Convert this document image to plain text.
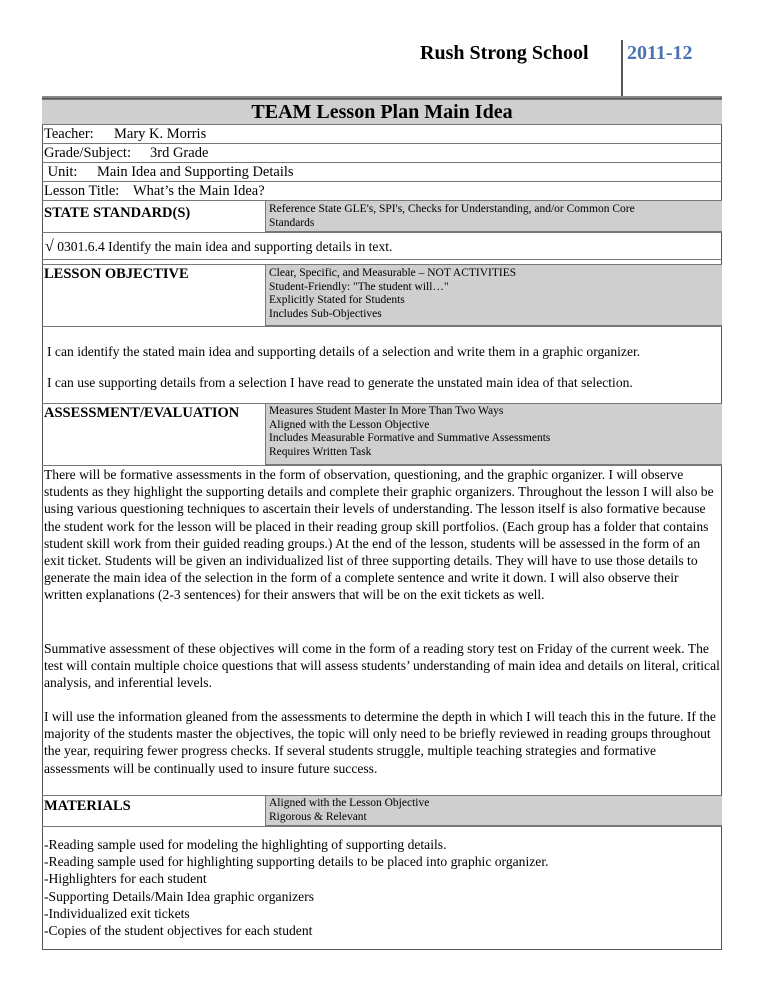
Rush Strong School 2011-12
TEAM Lesson Plan Main Idea
Teacher: Mary K. Morris
Grade/Subject: 3rd Grade
Unit: Main Idea and Supporting Details
Lesson Title: What’s the Main Idea?
STATE STANDARD(S)	Reference State GLE's, SPI's, Checks for Understanding, and/or Common Core
Standards
√ 0301.6.4 Identify the main idea and supporting details in text.
LESSON OBJECTIVE	Clear, Specific, and Measurable – NOT ACTIVITIES
Student-Friendly: "The student will…"
Explicitly Stated for Students
Includes Sub-Objectives
I can identify the stated main idea and supporting details of a selection and write them in a graphic organizer.
I can use supporting details from a selection I have read to generate the unstated main idea of that selection.
ASSESSMENT/EVALUATION	Measures Student Master In More Than Two Ways
Aligned with the Lesson Objective
Includes Measurable Formative and Summative Assessments
Requires Written Task
There will be formative assessments in the form of observation, questioning, and the graphic organizer. I will observe students as they highlight the supporting details and complete their graphic organizers. Throughout the lesson I will also be using various questioning techniques to ascertain their levels of understanding. The lesson itself is also formative because the student work for the lesson will be placed in their reading group skill portfolios. (Each group has a folder that contains student skill work from their guided reading groups.) At the end of the lesson, students will be assessed in the form of an exit ticket. Students will be given an individualized list of three supporting details. They will have to use those details to generate the main idea of the selection in the form of a complete sentence and write it down. I will also observe their written explanations (2-3 sentences) for their answers that will be on the exit tickets as well.
Summative assessment of these objectives will come in the form of a reading story test on Friday of the current week. The test will contain multiple choice questions that will assess students’ understanding of main idea and details on literal, critical analysis, and inferential levels.
I will use the information gleaned from the assessments to determine the depth in which I will teach this in the future. If the majority of the students master the objectives, the topic will only need to be briefly reviewed in reading groups throughout the year, requiring fewer progress checks. If several students struggle, multiple teaching strategies and formative assessments will be continually used to insure future success.
MATERIALS	Aligned with the Lesson Objective
Rigorous & Relevant
-Reading sample used for modeling the highlighting of supporting details.
-Reading sample used for highlighting supporting details to be placed into graphic organizer.
-Highlighters for each student
-Supporting Details/Main Idea graphic organizers
-Individualized exit tickets
-Copies of the student objectives for each student
